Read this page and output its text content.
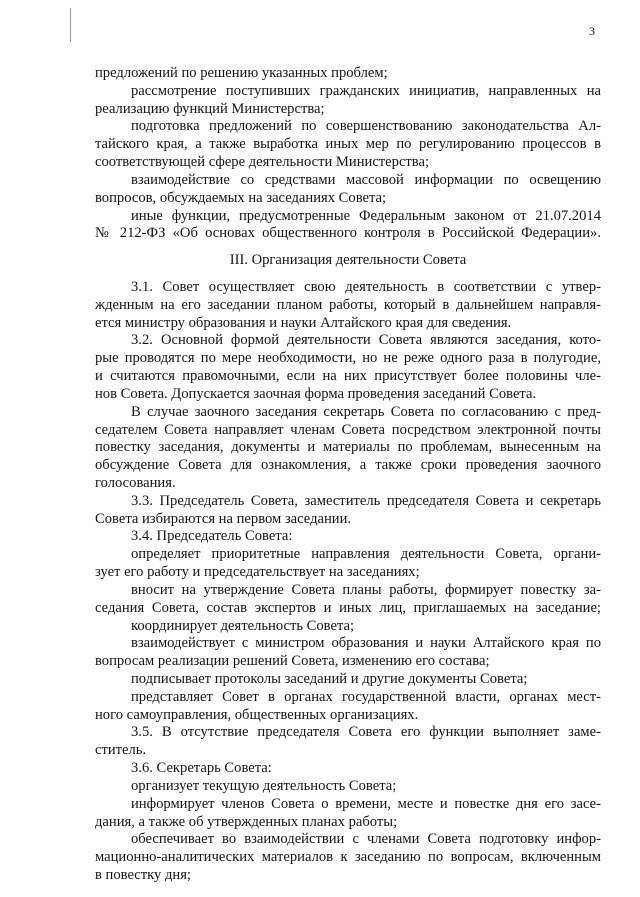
3
предложений по решению указанных проблем;
рассмотрение поступивших гражданских инициатив, направленных на
реализацию функций Министерства;
подготовка предложений по совершенствованию законодательства Ал-
тайского края, а также выработка иных мер по регулированию процессов в
соответствующей сфере деятельности Министерства;
взаимодействие со средствами массовой информации по освещению
вопросов, обсуждаемых на заседаниях Совета;
иные функции, предусмотренные Федеральным законом от 21.07.2014
№ 212-ФЗ «Об основах общественного контроля в Российской Федерации».
III. Организация деятельности Совета
3.1. Совет осуществляет свою деятельность в соответствии с утвер-
жденным на его заседании планом работы, который в дальнейшем направля-
ется министру образования и науки Алтайского края для сведения.
3.2. Основной формой деятельности Совета являются заседания, кото-
рые проводятся по мере необходимости, но не реже одного раза в полугодие,
и считаются правомочными, если на них присутствует более половины чле-
нов Совета. Допускается заочная форма проведения заседаний Совета.
В случае заочного заседания секретарь Совета по согласованию с пред-
седателем Совета направляет членам Совета посредством электронной почты
повестку заседания, документы и материалы по проблемам, вынесенным на
обсуждение Совета для ознакомления, а также сроки проведения заочного
голосования.
3.3. Председатель Совета, заместитель председателя Совета и секретарь
Совета избираются на первом заседании.
3.4. Председатель Совета:
определяет приоритетные направления деятельности Совета, органи-
зует его работу и председательствует на заседаниях;
вносит на утверждение Совета планы работы, формирует повестку за-
седания Совета, состав экспертов и иных лиц, приглашаемых на заседание;
координирует деятельность Совета;
взаимодействует с министром образования и науки Алтайского края по
вопросам реализации решений Совета, изменению его состава;
подписывает протоколы заседаний и другие документы Совета;
представляет Совет в органах государственной власти, органах мест-
ного самоуправления, общественных организациях.
3.5. В отсутствие председателя Совета его функции выполняет заме-
ститель.
3.6. Секретарь Совета:
организует текущую деятельность Совета;
информирует членов Совета о времени, месте и повестке дня его засе-
дания, а также об утвержденных планах работы;
обеспечивает во взаимодействии с членами Совета подготовку инфор-
мационно-аналитических материалов к заседанию по вопросам, включенным
в повестку дня;
